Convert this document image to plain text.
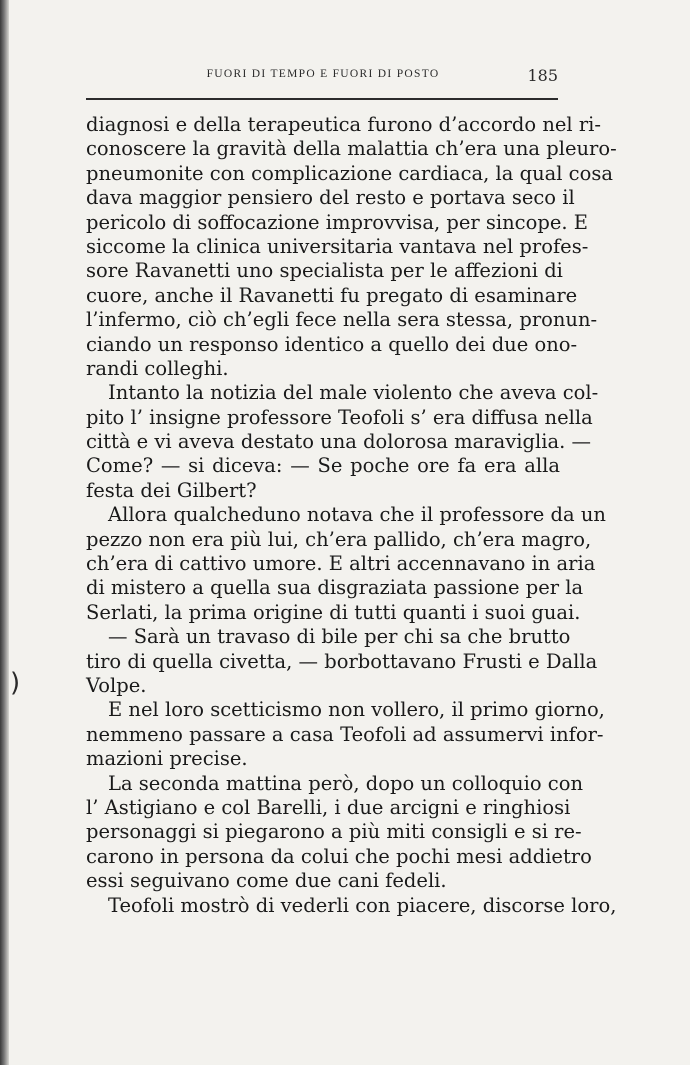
FUORI DI TEMPO E FUORI DI POSTO	185
diagnosi e della terapeutica furono d’accordo nel ri-
conoscere la gravità della malattia ch’era una pleuro-
pneumonite con complicazione cardiaca, la qual cosa
dava maggior pensiero del resto e portava seco il
pericolo di soffocazione improvvisa, per sincope. E
siccome la clinica universitaria vantava nel profes-
sore Ravanetti uno specialista per le affezioni di
cuore, anche il Ravanetti fu pregato di esaminare
l’infermo, ciò ch’egli fece nella sera stessa, pronun-
ciando un responso identico a quello dei due ono-
randi colleghi.
Intanto la notizia del male violento che aveva col-
pito l’ insigne professore Teofoli s’ era diffusa nella
città e vi aveva destato una dolorosa maraviglia. —
Come? — si diceva: — Se poche ore fa era alla
festa dei Gilbert?
Allora qualcheduno notava che il professore da un
pezzo non era più lui, ch’era pallido, ch’era magro,
ch’era di cattivo umore. E altri accennavano in aria
di mistero a quella sua disgraziata passione per la
Serlati, la prima origine di tutti quanti i suoi guai.
— Sarà un travaso di bile per chi sa che brutto
tiro di quella civetta, — borbottavano Frusti e Dalla
Volpe.
E nel loro scetticismo non vollero, il primo giorno,
nemmeno passare a casa Teofoli ad assumervi infor-
mazioni precise.
La seconda mattina però, dopo un colloquio con
l’ Astigiano e col Barelli, i due arcigni e ringhiosi
personaggi si piegarono a più miti consigli e si re-
carono in persona da colui che pochi mesi addietro
essi seguivano come due cani fedeli.
Teofoli mostrò di vederli con piacere, discorse loro,
)
